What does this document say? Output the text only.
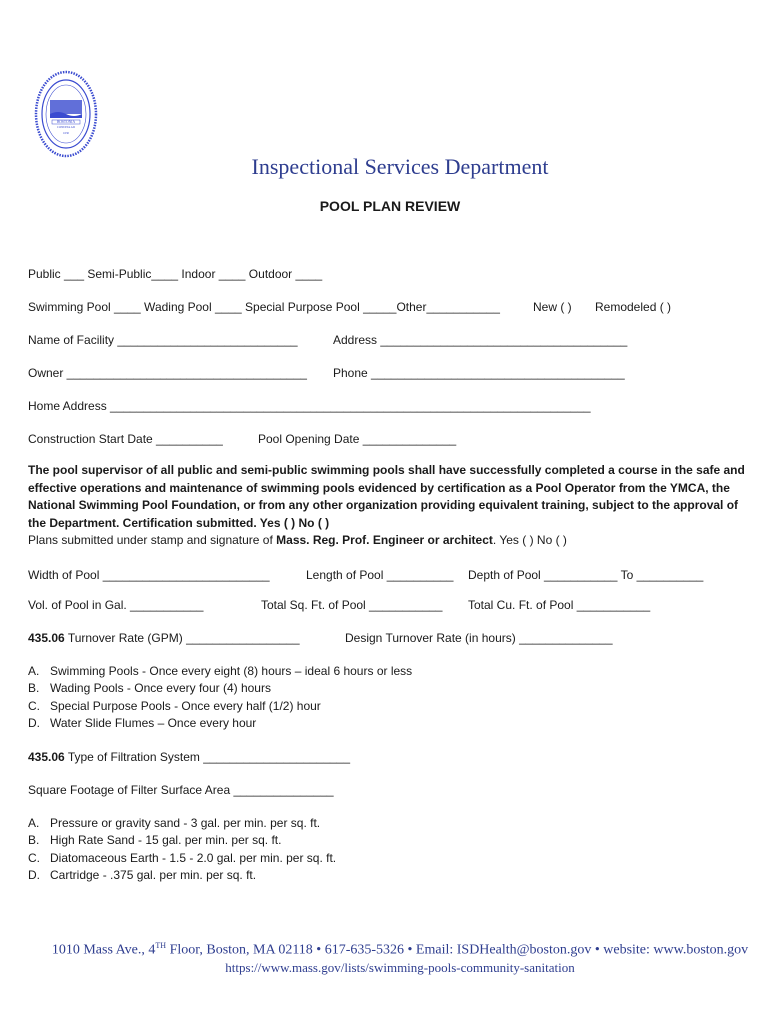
BOSTONIA
CONDITA AD
1630
Inspectional Services Department
POOL PLAN REVIEW
Public ___ Semi-Public____ Indoor ____ Outdoor ____
Swimming Pool ____ Wading Pool ____ Special Purpose Pool _____Other___________	New ( ) Remodeled ( )
Name of Facility ___________________________	Address _____________________________________
Owner ____________________________________ Phone ______________________________________
Home Address ________________________________________________________________________
Construction Start Date __________	Pool Opening Date ______________
The pool supervisor of all public and semi-public swimming pools shall have successfully completed a course in the safe and effective operations and maintenance of swimming pools evidenced by certification as a Pool Operator from the YMCA, the National Swimming Pool Foundation, or from any other organization providing equivalent training, subject to the approval of the Department. Certification submitted. Yes ( ) No ( )
Plans submitted under stamp and signature of Mass. Reg. Prof. Engineer or architect. Yes ( ) No ( )
Width of Pool _________________________	Length of Pool __________ Depth of Pool ___________ To __________
Vol. of Pool in Gal. ___________	Total Sq. Ft. of Pool ___________ Total Cu. Ft. of Pool ___________
435.06 Turnover Rate (GPM) _________________	Design Turnover Rate (in hours) ______________
A. Swimming Pools - Once every eight (8) hours – ideal 6 hours or less
B. Wading Pools - Once every four (4) hours
C. Special Purpose Pools - Once every half (1/2) hour
D. Water Slide Flumes – Once every hour
435.06 Type of Filtration System ______________________
Square Footage of Filter Surface Area _______________
A. Pressure or gravity sand - 3 gal. per min. per sq. ft.
B. High Rate Sand - 15 gal. per min. per sq. ft.
C. Diatomaceous Earth - 1.5 - 2.0 gal. per min. per sq. ft.
D. Cartridge - .375 gal. per min. per sq. ft.
1010 Mass Ave., 4TH Floor, Boston, MA 02118 • 617-635-5326 • Email: ISDHealth@boston.gov • website: www.boston.gov
https://www.mass.gov/lists/swimming-pools-community-sanitation
